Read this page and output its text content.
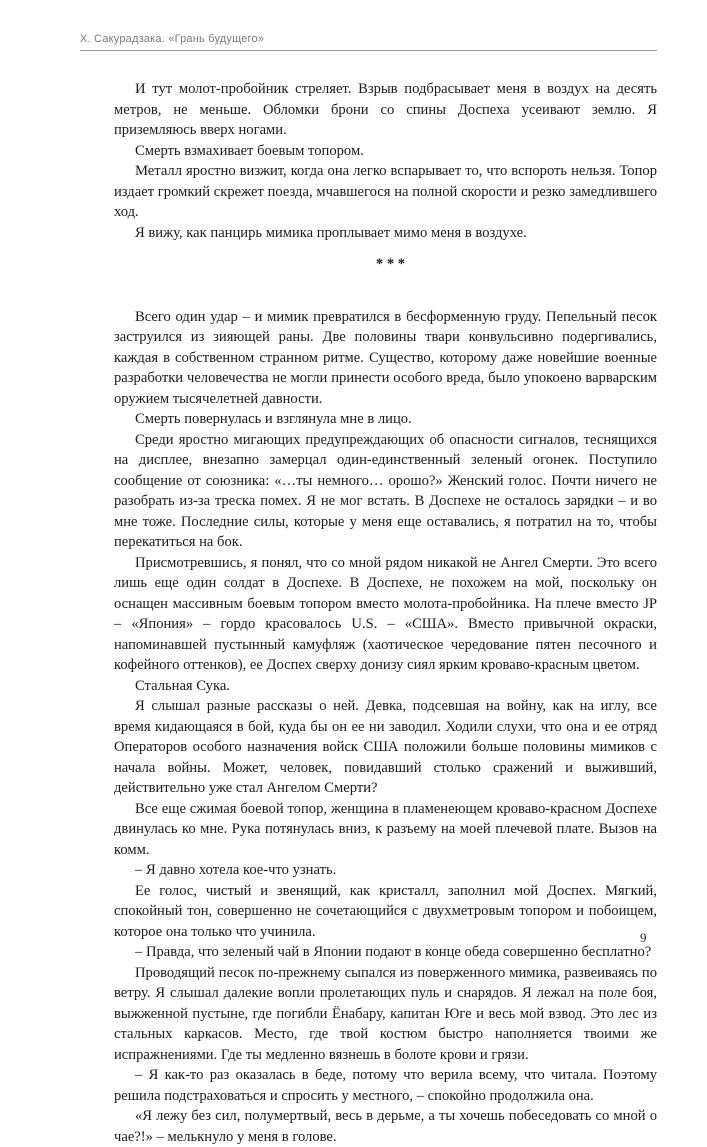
Х. Сакурадзака. «Грань будущего»

И тут молот-пробойник стреляет. Взрыв подбрасывает меня в воздух на десять метров, не меньше. Обломки брони со спины Доспеха усеивают землю. Я приземляюсь вверх ногами.

Смерть взмахивает боевым топором.

Металл яростно визжит, когда она легко вспарывает то, что вспороть нельзя. Топор издает громкий скрежет поезда, мчавшегося на полной скорости и резко замедлившего ход.

Я вижу, как панцирь мимика проплывает мимо меня в воздухе.

* * *

Всего один удар – и мимик превратился в бесформенную груду. Пепельный песок заструился из зияющей раны. Две половины твари конвульсивно подергивались, каждая в собственном странном ритме. Существо, которому даже новейшие военные разработки человечества не могли принести особого вреда, было упокоено варварским оружием тысячелетней давности.

Смерть повернулась и взглянула мне в лицо.

Среди яростно мигающих предупреждающих об опасности сигналов, теснящихся на дисплее, внезапно замерцал один-единственный зеленый огонек. Поступило сообщение от союзника: «…ты немного… орошо?» Женский голос. Почти ничего не разобрать из-за треска помех. Я не мог встать. В Доспехе не осталось зарядки – и во мне тоже. Последние силы, которые у меня еще оставались, я потратил на то, чтобы перекатиться на бок.

Присмотревшись, я понял, что со мной рядом никакой не Ангел Смерти. Это всего лишь еще один солдат в Доспехе. В Доспехе, не похожем на мой, поскольку он оснащен массивным боевым топором вместо молота-пробойника. На плече вместо JP – «Япония» – гордо красовалось U.S. – «США». Вместо привычной окраски, напоминавшей пустынный камуфляж (хаотическое чередование пятен песочного и кофейного оттенков), ее Доспех сверху донизу сиял ярким кроваво-красным цветом.

Стальная Сука.

Я слышал разные рассказы о ней. Девка, подсевшая на войну, как на иглу, все время кидающаяся в бой, куда бы он ее ни заводил. Ходили слухи, что она и ее отряд Операторов особого назначения войск США положили больше половины мимиков с начала войны. Может, человек, повидавший столько сражений и выживший, действительно уже стал Ангелом Смерти?

Все еще сжимая боевой топор, женщина в пламенеющем кроваво-красном Доспехе двинулась ко мне. Рука потянулась вниз, к разъему на моей плечевой плате. Вызов на комм.

– Я давно хотела кое-что узнать.

Ее голос, чистый и звенящий, как кристалл, заполнил мой Доспех. Мягкий, спокойный тон, совершенно не сочетающийся с двухметровым топором и побоищем, которое она только что учинила.

– Правда, что зеленый чай в Японии подают в конце обеда совершенно бесплатно?

Проводящий песок по-прежнему сыпался из поверженного мимика, развеиваясь по ветру. Я слышал далекие вопли пролетающих пуль и снарядов. Я лежал на поле боя, выжженной пустыне, где погибли Ёнабару, капитан Юге и весь мой взвод. Это лес из стальных каркасов. Место, где твой костюм быстро наполняется твоими же испражнениями. Где ты медленно вязнешь в болоте крови и грязи.

– Я как-то раз оказалась в беде, потому что верила всему, что читала. Поэтому решила подстраховаться и спросить у местного, – спокойно продолжила она.

«Я лежу без сил, полумертвый, весь в дерьме, а ты хочешь побеседовать со мной о чае?!» – мелькнуло у меня в голове.

9
